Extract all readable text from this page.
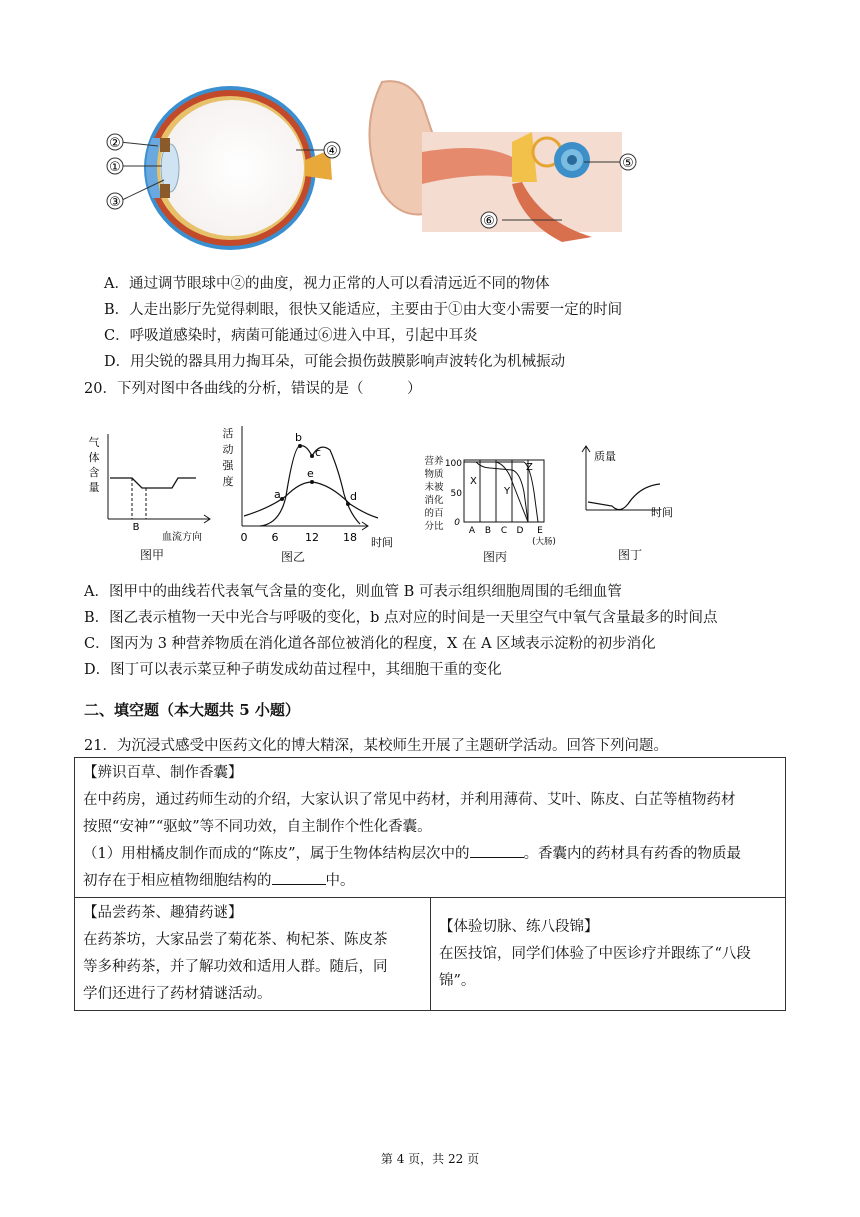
②
①
③
④
⑤
⑥
A．通过调节眼球中②的曲度，视力正常的人可以看清远近不同的物体
B．人走出影厅先觉得刺眼，很快又能适应，主要由于①由大变小需要一定的时间
C．呼吸道感染时，病菌可能通过⑥进入中耳，引起中耳炎
D．用尖锐的器具用力掏耳朵，可能会损伤鼓膜影响声波转化为机械振动
20．下列对图中各曲线的分析，错误的是（　　　）
气
体
含
量
B
血流方向
图甲
活
动
强
度
a
b
c
d
e
0 6 12 18 时间
图乙
营养
物质
未被
消化
的百
分比
100
50
0
X
Y
Z
A B C D E
(大肠)
图丙
质量
时间
图丁
A．图甲中的曲线若代表氧气含量的变化，则血管 B 可表示组织细胞周围的毛细血管
B．图乙表示植物一天中光合与呼吸的变化，b 点对应的时间是一天里空气中氧气含量最多的时间点
C．图丙为 3 种营养物质在消化道各部位被消化的程度，X 在 A 区域表示淀粉的初步消化
D．图丁可以表示菜豆种子萌发成幼苗过程中，其细胞干重的变化
二、填空题（本大题共 5 小题）
21．为沉浸式感受中医药文化的博大精深，某校师生开展了主题研学活动。回答下列问题。
【辨识百草、制作香囊】
在中药房，通过药师生动的介绍，大家认识了常见中药材，并利用薄荷、艾叶、陈皮、白芷等植物药材
按照“安神”“驱蚊”等不同功效，自主制作个性化香囊。
（1）用柑橘皮制作而成的“陈皮”，属于生物体结构层次中的	。香囊内的药材具有药香的物质最
初存在于相应植物细胞结构的	中。
【品尝药茶、趣猜药谜】
在药茶坊，大家品尝了菊花茶、枸杞茶、陈皮茶
等多种药茶，并了解功效和适用人群。随后，同
学们还进行了药材猜谜活动。
【体验切脉、练八段锦】
在医技馆，同学们体验了中医诊疗并跟练了“八段
锦”。
第 4 页，共 22 页
